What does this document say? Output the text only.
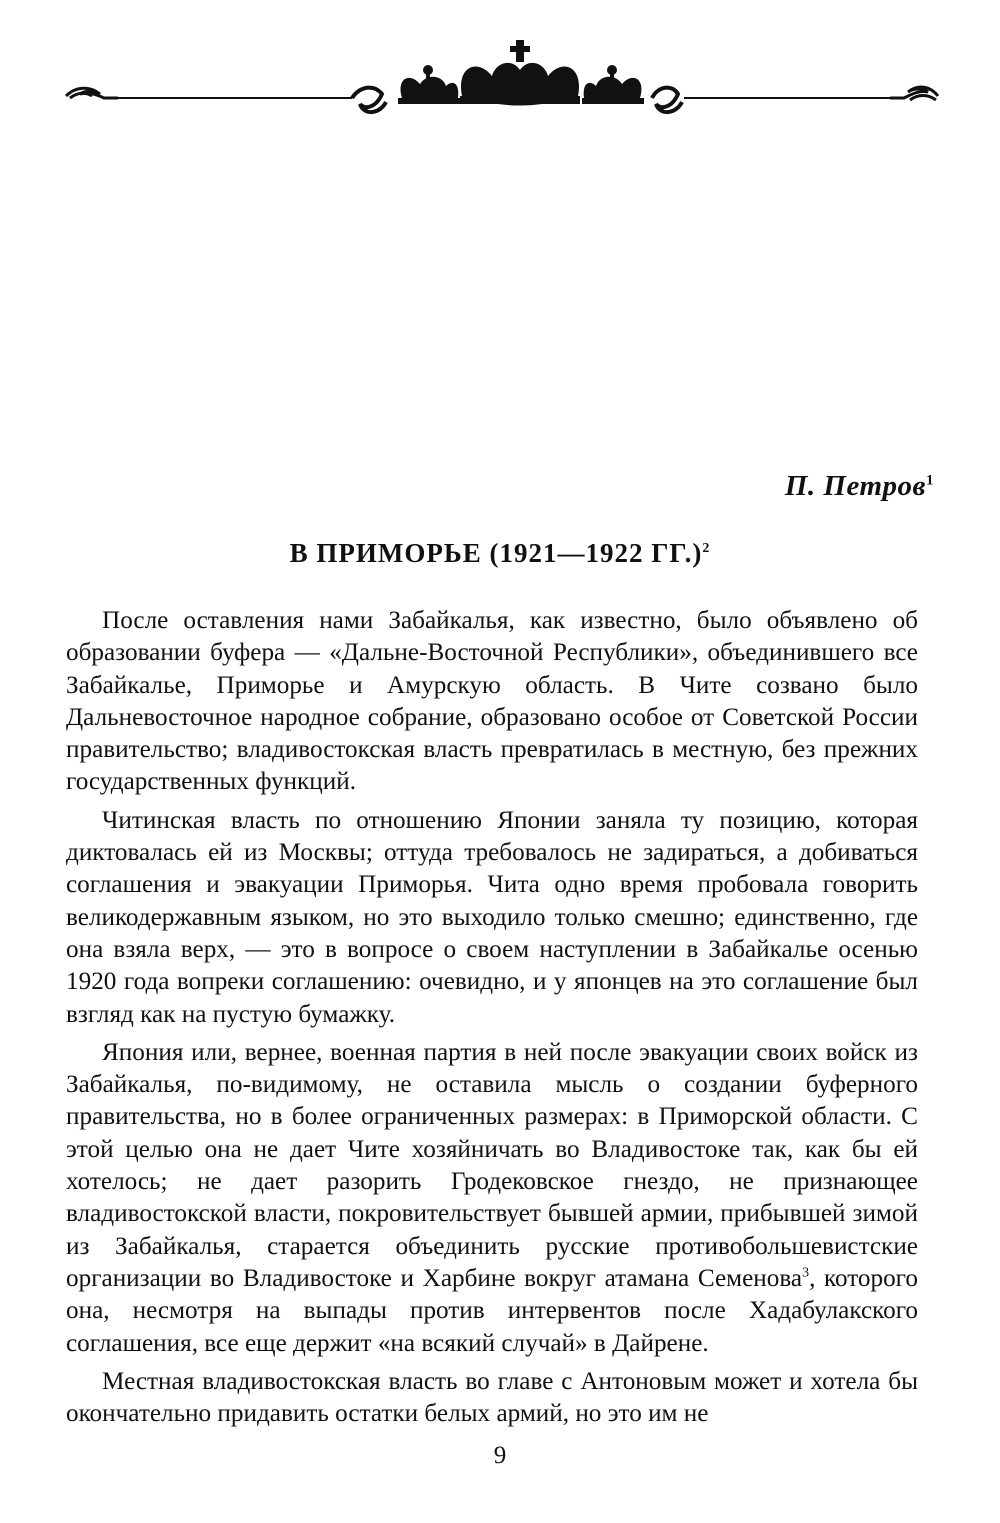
П. Петров$^1$
В ПРИМОРЬЕ (1921—1922 ГГ.)$^2$

После оставления нами Забайкалья, как известно, было объявлено об образовании буфера — «Дальне-Восточной Республики», объединившего все Забайкалье, Приморье и Амурскую область. В Чите созвано было Дальневосточное народное собрание, образовано особое от Советской России правительство; владивостокская власть превратилась в местную, без прежних государственных функций.

Читинская власть по отношению Японии заняла ту позицию, которая диктовалась ей из Москвы; оттуда требовалось не задираться, а добиваться соглашения и эвакуации Приморья. Чита одно время пробовала говорить великодержавным языком, но это выходило только смешно; единственно, где она взяла верх, — это в вопросе о своем наступлении в Забайкалье осенью 1920 года вопреки соглашению: очевидно, и у японцев на это соглашение был взгляд как на пустую бумажку.

Япония или, вернее, военная партия в ней после эвакуации своих войск из Забайкалья, по-видимому, не оставила мысль о создании буферного правительства, но в более ограниченных размерах: в Приморской области. С этой целью она не дает Чите хозяйничать во Владивостоке так, как бы ей хотелось; не дает разорить Гродековское гнездо, не признающее владивостокской власти, покровительствует бывшей армии, прибывшей зимой из Забайкалья, старается объединить русские противобольшевистские организации во Владивостоке и Харбине вокруг атамана Семенова$^3$, которого она, несмотря на выпады против интервентов после Хадабулакского соглашения, все еще держит «на всякий случай» в Дайрене.

Местная владивостокская власть во главе с Антоновым может и хотела бы окончательно придавить остатки белых армий, но это им не

9
